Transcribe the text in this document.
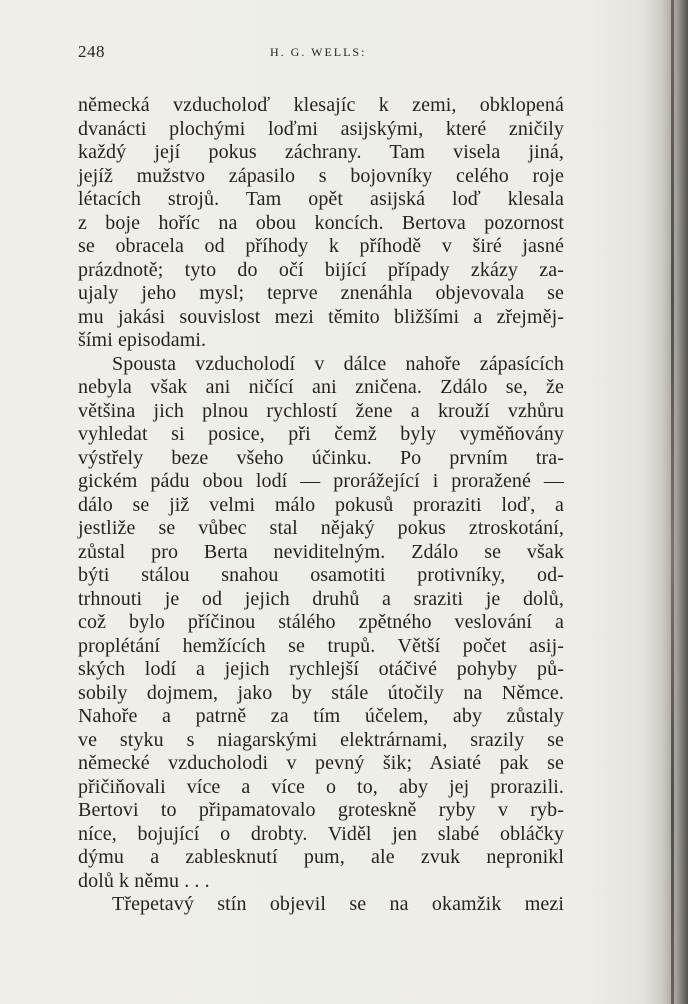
248	H. G. WELLS:
německá vzducholoď klesajíc k zemi, obklopená
dvanácti plochými loďmi asijskými, které zničily
každý její pokus záchrany. Tam visela jiná,
jejíž mužstvo zápasilo s bojovníky celého roje
létacích strojů. Tam opět asijská loď klesala
z boje hoříc na obou koncích. Bertova pozornost
se obracela od příhody k příhodě v širé jasné
prázdnotě; tyto do očí bijící případy zkázy za-
ujaly jeho mysl; teprve znenáhla objevovala se
mu jakási souvislost mezi těmito bližšími a zřejměj-
šími episodami.
Spousta vzducholodí v dálce nahoře zápasících
nebyla však ani ničící ani zničena. Zdálo se, že
většina jich plnou rychlostí žene a krouží vzhůru
vyhledat si posice, při čemž byly vyměňovány
výstřely beze všeho účinku. Po prvním tra-
gickém pádu obou lodí — prorážející i proražené —
dálo se již velmi málo pokusů proraziti loď, a
jestliže se vůbec stal nějaký pokus ztroskotání,
zůstal pro Berta neviditelným. Zdálo se však
býti stálou snahou osamotiti protivníky, od-
trhnouti je od jejich druhů a sraziti je dolů,
což bylo příčinou stálého zpětného veslování a
proplétání hemžících se trupů. Větší počet asij-
ských lodí a jejich rychlejší otáčivé pohyby pů-
sobily dojmem, jako by stále útočily na Němce.
Nahoře a patrně za tím účelem, aby zůstaly
ve styku s niagarskými elektrárnami, srazily se
německé vzducholodi v pevný šik; Asiaté pak se
přičiňovali více a více o to, aby jej prorazili.
Bertovi to připamatovalo groteskně ryby v ryb-
níce, bojující o drobty. Viděl jen slabé obláčky
dýmu a zablesknutí pum, ale zvuk nepronikl
dolů k němu . . .
Třepetavý stín objevil se na okamžik mezi
